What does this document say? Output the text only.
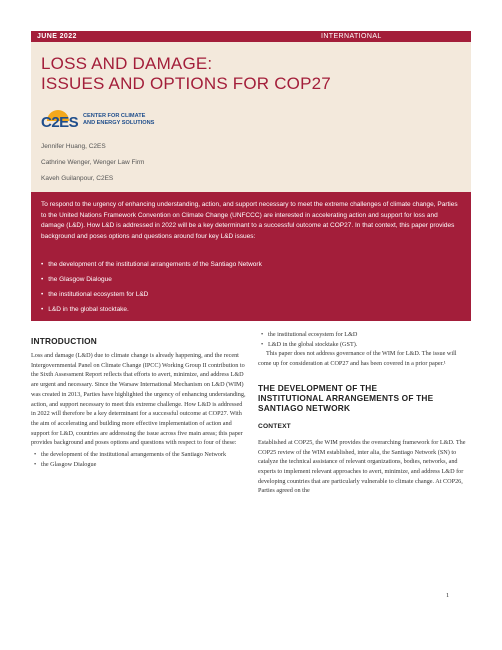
JUNE 2022	INTERNATIONAL
LOSS AND DAMAGE:
ISSUES AND OPTIONS FOR COP27
C2ES CENTER FOR CLIMATE
AND ENERGY SOLUTIONS
Jennifer Huang, C2ES
Cathrine Wenger, Wenger Law Firm
Kaveh Guilanpour, C2ES

To respond to the urgency of enhancing understanding, action, and support necessary to meet the extreme challenges of climate change, Parties to the United Nations Framework Convention on Climate Change (UNFCCC) are interested in accelerating action and support for loss and damage (L&D). How L&D is addressed in 2022 will be a key determinant to a successful outcome at COP27. In that context, this paper provides background and poses options and questions around four key L&D issues:

• the development of the institutional arrangements of the Santiago Network
• the Glasgow Dialogue
• the institutional ecosystem for L&D
• L&D in the global stocktake.
INTRODUCTION

Loss and damage (L&D) due to climate change is already happening, and the recent Intergovernmental Panel on Climate Change (IPCC) Working Group II contribution to the Sixth Assessment Report reflects that efforts to avert, minimize, and address L&D are urgent and necessary. Since the Warsaw International Mechanism on L&D (WIM) was created in 2013, Parties have highlighted the urgency of enhancing understanding, action, and support necessary to meet this extreme challenge. How L&D is addressed in 2022 will therefore be a key determinant for a successful outcome at COP27. With the aim of accelerating and building more effective implementation of action and support for L&D, countries are addressing the issue across five main areas; this paper provides background and poses options and questions with respect to four of these:

• the development of the institutional arrangements of the Santiago Network
• the Glasgow Dialogue
• the institutional ecosystem for L&D
• L&D in the global stocktake (GST).

This paper does not address governance of the WIM for L&D. The issue will come up for consideration at COP27 and has been covered in a prior paper.¹

THE DEVELOPMENT OF THE
INSTITUTIONAL ARRANGEMENTS OF THE
SANTIAGO NETWORK
CONTEXT

Established at COP25, the WIM provides the overarching framework for L&D. The COP25 review of the WIM established, inter alia, the Santiago Network (SN) to catalyze the technical assistance of relevant organizations, bodies, networks, and experts to implement relevant approaches to avert, minimize, and address L&D for developing countries that are particularly vulnerable to climate change. At COP26, Parties agreed on the

1
